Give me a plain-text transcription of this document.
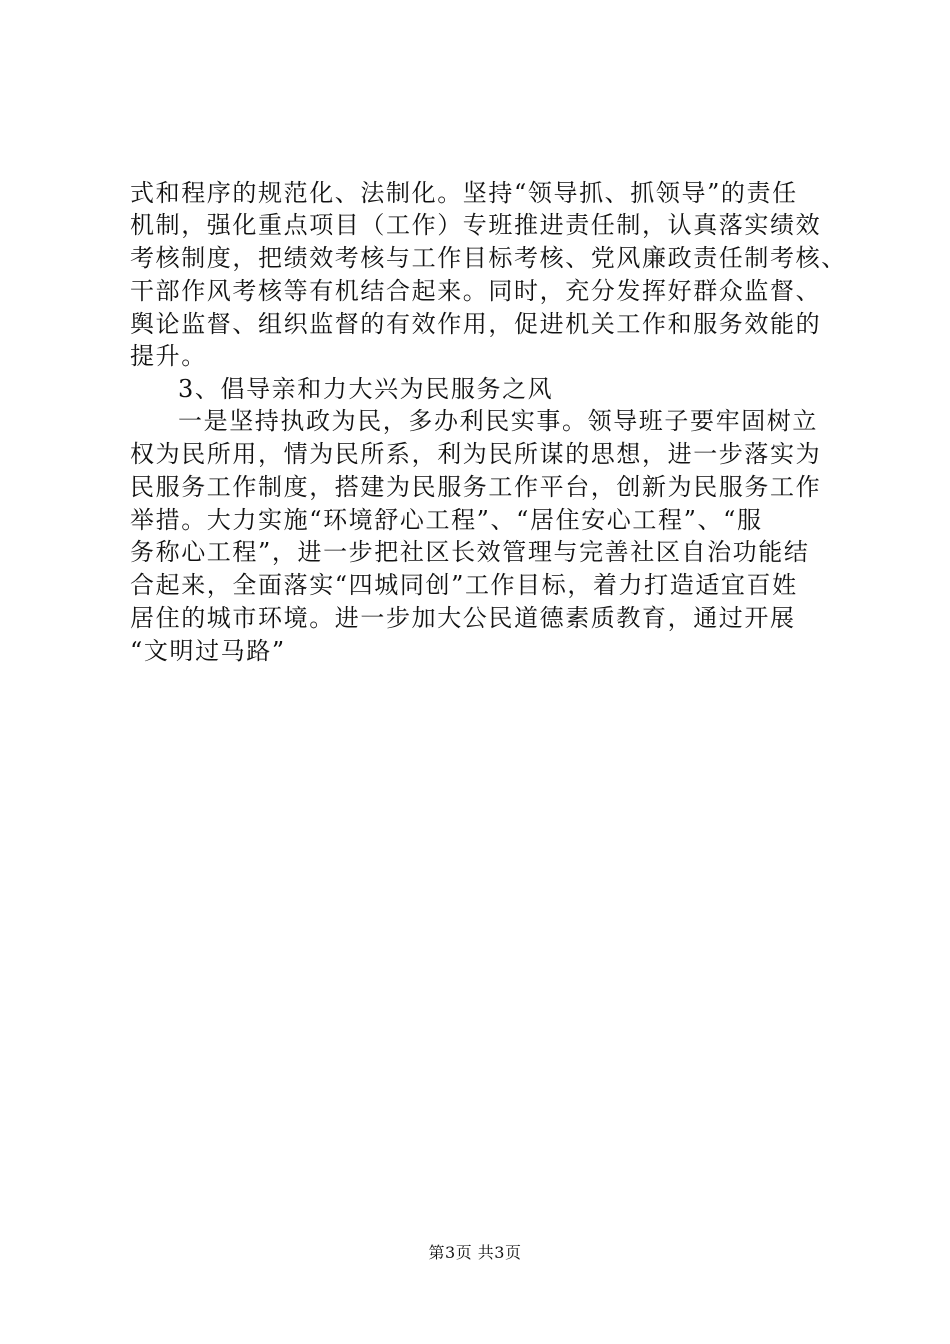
式和程序的规范化、法制化。坚持“领导抓、抓领导”的责任
机制，强化重点项目（工作）专班推进责任制，认真落实绩效
考核制度，把绩效考核与工作目标考核、党风廉政责任制考核、
干部作风考核等有机结合起来。同时，充分发挥好群众监督、
舆论监督、组织监督的有效作用，促进机关工作和服务效能的
提升。
3、倡导亲和力大兴为民服务之风
一是坚持执政为民，多办利民实事。领导班子要牢固树立
权为民所用，情为民所系，利为民所谋的思想，进一步落实为
民服务工作制度，搭建为民服务工作平台，创新为民服务工作
举措。大力实施“环境舒心工程”、“居住安心工程”、“服
务称心工程”，进一步把社区长效管理与完善社区自治功能结
合起来，全面落实“四城同创”工作目标，着力打造适宜百姓
居住的城市环境。进一步加大公民道德素质教育，通过开展
“文明过马路”
第3页 共3页
